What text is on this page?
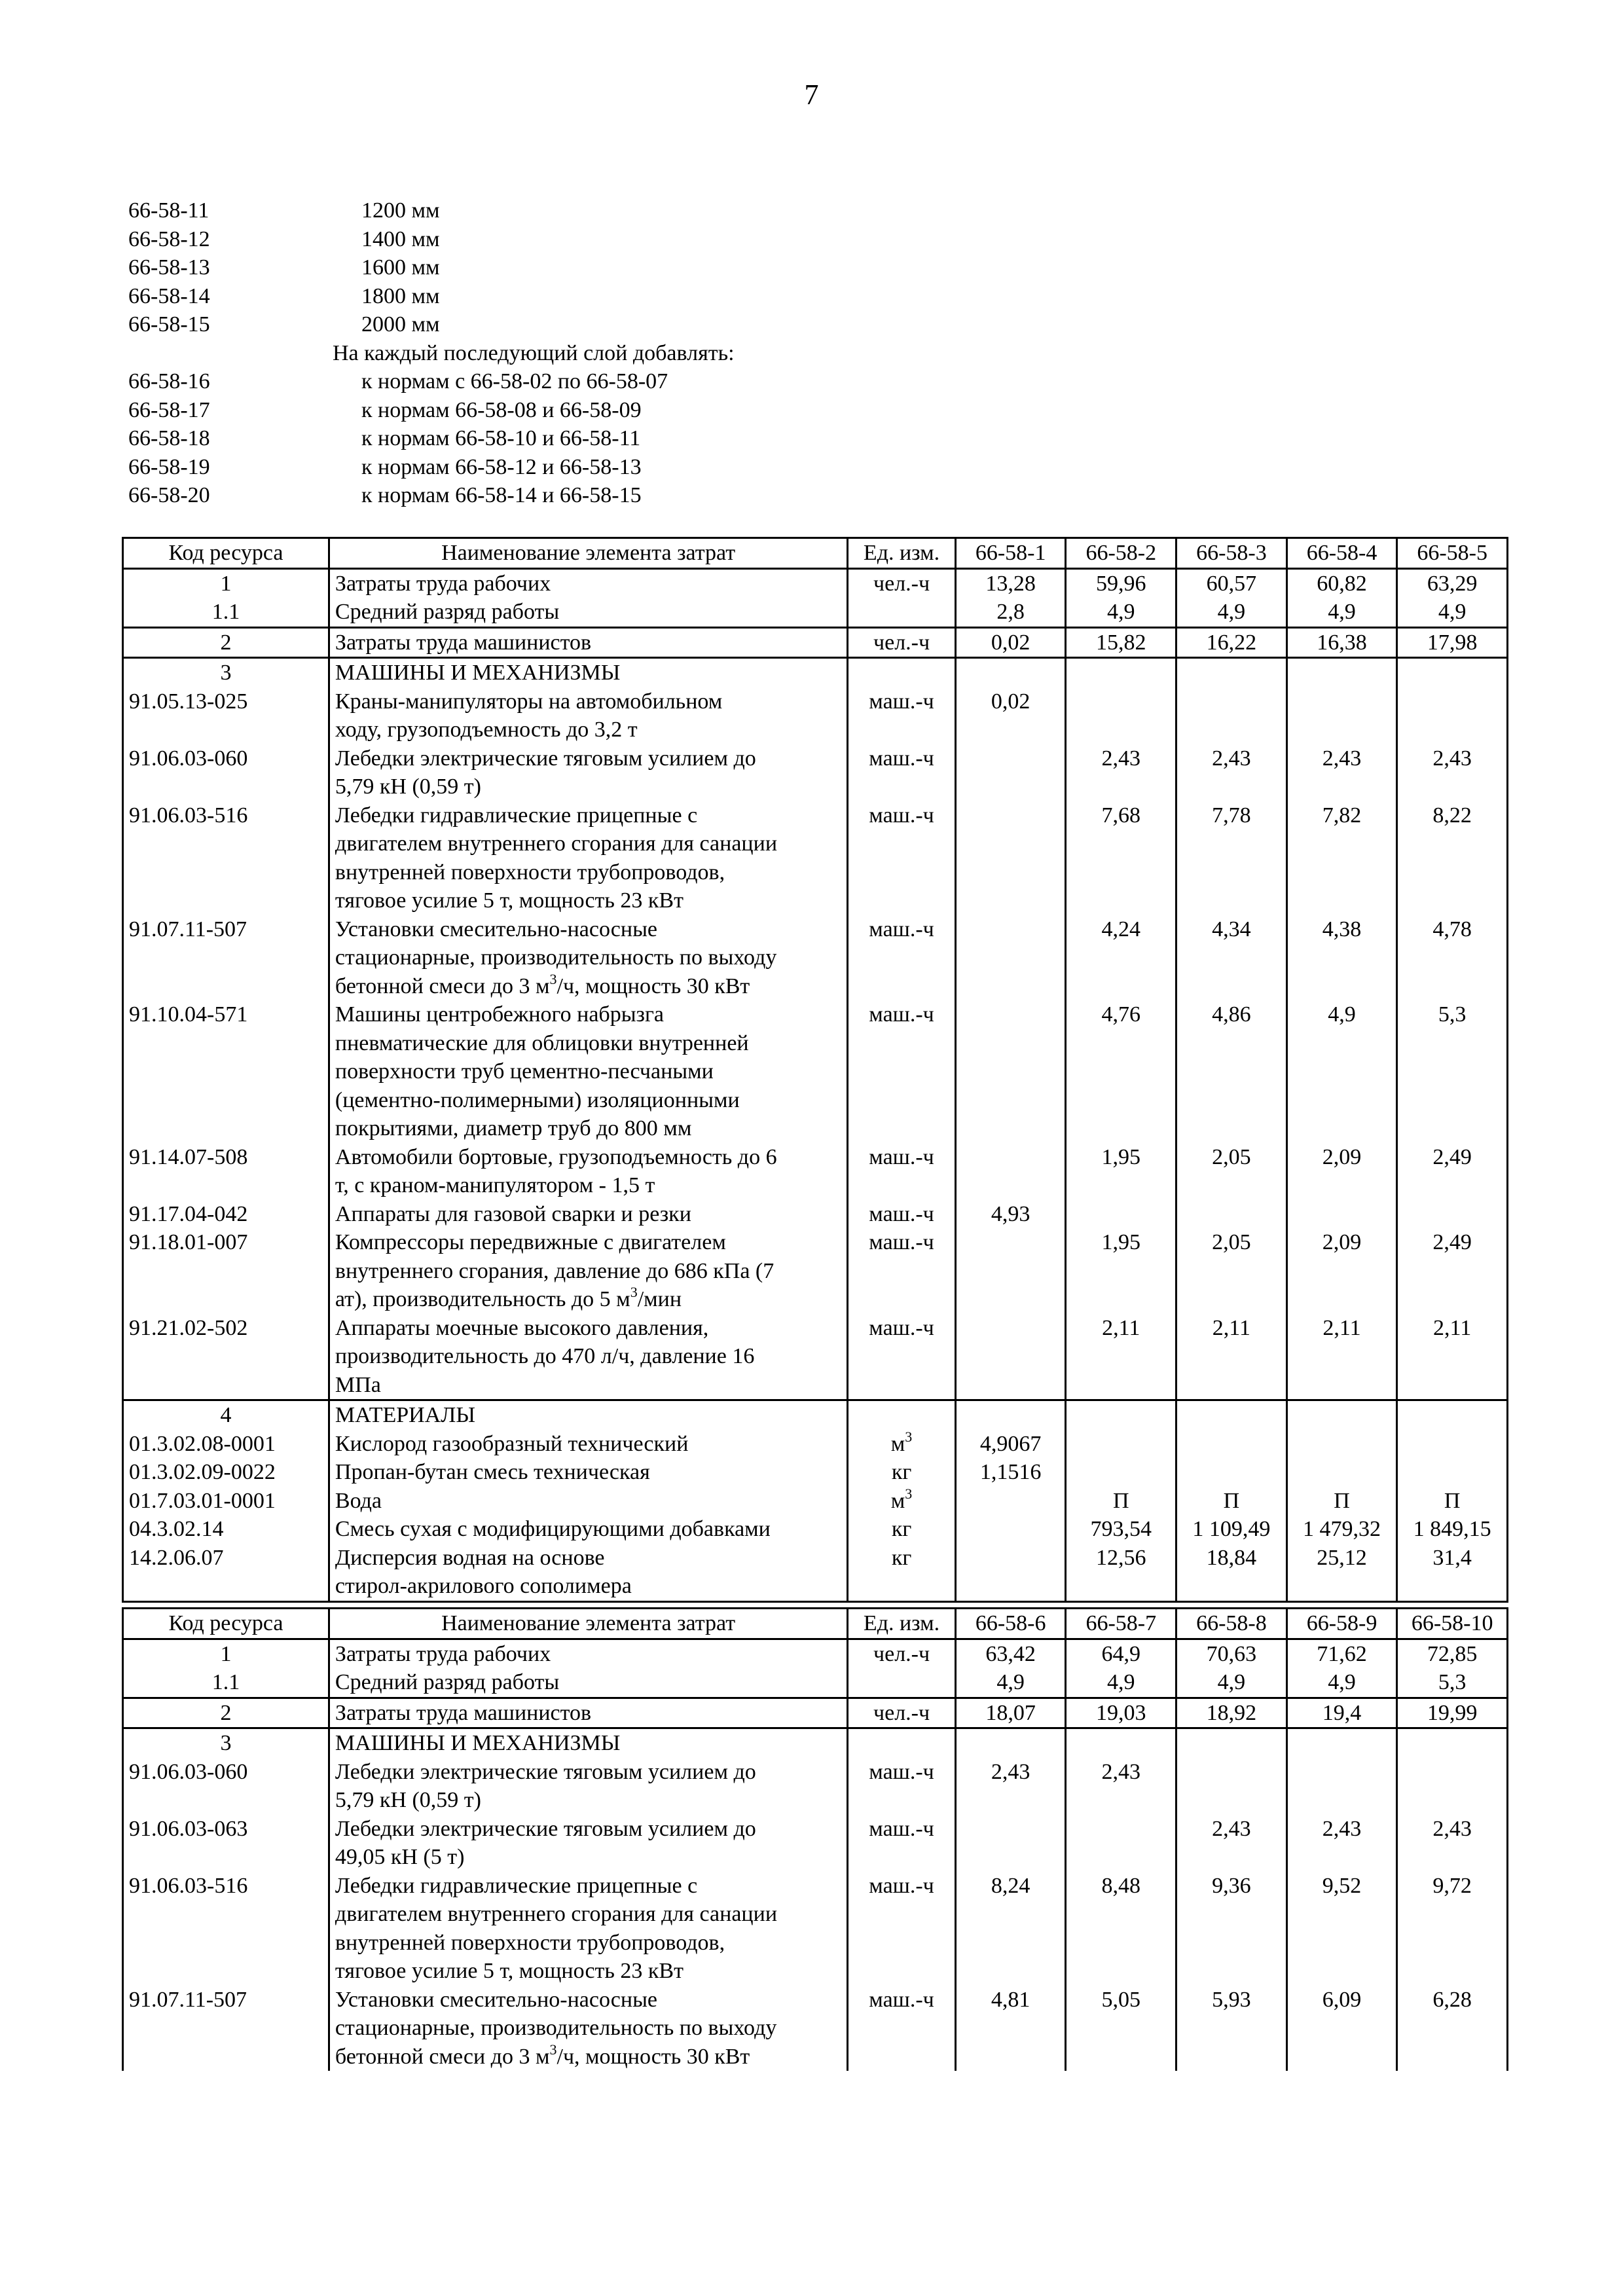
7
66-58-11	1200 мм
66-58-12	1400 мм
66-58-13	1600 мм
66-58-14	1800 мм
66-58-15	2000 мм
На каждый последующий слой добавлять:
66-58-16	к нормам с 66-58-02 по 66-58-07
66-58-17	к нормам 66-58-08 и 66-58-09
66-58-18	к нормам 66-58-10 и 66-58-11
66-58-19	к нормам 66-58-12 и 66-58-13
66-58-20	к нормам 66-58-14 и 66-58-15
Код ресурса	Наименование элемента затрат	Ед. изм.	66-58-1	66-58-2	66-58-3	66-58-4	66-58-5
1	Затраты труда рабочих	чел.-ч	13,28	59,96	60,57	60,82	63,29
1.1	Средний разряд работы		2,8	4,9	4,9	4,9	4,9
2	Затраты труда машинистов	чел.-ч	0,02	15,82	16,22	16,38	17,98
3	МАШИНЫ И МЕХАНИЗМЫ						
91.05.13-025	Краны-манипуляторы на автомобильном
ходу, грузоподъемность до 3,2 т	маш.-ч	0,02				
91.06.03-060	Лебедки электрические тяговым усилием до
5,79 кН (0,59 т)	маш.-ч		2,43	2,43	2,43	2,43
91.06.03-516	Лебедки гидравлические прицепные с
двигателем внутреннего сгорания для санации
внутренней поверхности трубопроводов,
тяговое усилие 5 т, мощность 23 кВт	маш.-ч		7,68	7,78	7,82	8,22
91.07.11-507	Установки смесительно-насосные
стационарные, производительность по выходу
бетонной смеси до 3 $м^3/ч$, мощность 30 кВт	маш.-ч		4,24	4,34	4,38	4,78
91.10.04-571	Машины центробежного набрызга
пневматические для облицовки внутренней
поверхности труб цементно-песчаными
(цементно-полимерными) изоляционными
покрытиями, диаметр труб до 800 мм	маш.-ч		4,76	4,86	4,9	5,3
91.14.07-508	Автомобили бортовые, грузоподъемность до 6
т, с краном-манипулятором - 1,5 т	маш.-ч		1,95	2,05	2,09	2,49
91.17.04-042	Аппараты для газовой сварки и резки	маш.-ч	4,93				
91.18.01-007	Компрессоры передвижные с двигателем
внутреннего сгорания, давление до 686 кПа (7
ат), производительность до 5 $м^3$/мин	маш.-ч		1,95	2,05	2,09	2,49
91.21.02-502	Аппараты моечные высокого давления,
производительность до 470 л/ч, давление 16
МПа	маш.-ч		2,11	2,11	2,11	2,11
4	МАТЕРИАЛЫ						
01.3.02.08-0001	Кислород газообразный технический	$м^3$	4,9067				
01.3.02.09-0022	Пропан-бутан смесь техническая	кг	1,1516				
01.7.03.01-0001	Вода	$м^3$		П	П	П	П
04.3.02.14	Смесь сухая с модифицирующими добавками	кг		793,54	1 109,49	1 479,32	1 849,15
14.2.06.07	Дисперсия водная на основе
стирол-акрилового сополимера	кг		12,56	18,84	25,12	31,4
Код ресурса	Наименование элемента затрат	Ед. изм.	66-58-6	66-58-7	66-58-8	66-58-9	66-58-10
1	Затраты труда рабочих	чел.-ч	63,42	64,9	70,63	71,62	72,85
1.1	Средний разряд работы		4,9	4,9	4,9	4,9	5,3
2	Затраты труда машинистов	чел.-ч	18,07	19,03	18,92	19,4	19,99
3	МАШИНЫ И МЕХАНИЗМЫ						
91.06.03-060	Лебедки электрические тяговым усилием до
5,79 кН (0,59 т)	маш.-ч	2,43	2,43			
91.06.03-063	Лебедки электрические тяговым усилием до
49,05 кН (5 т)	маш.-ч			2,43	2,43	2,43
91.06.03-516	Лебедки гидравлические прицепные с
двигателем внутреннего сгорания для санации
внутренней поверхности трубопроводов,
тяговое усилие 5 т, мощность 23 кВт	маш.-ч	8,24	8,48	9,36	9,52	9,72
91.07.11-507	Установки смесительно-насосные
стационарные, производительность по выходу
бетонной смеси до 3 $м^3/ч$, мощность 30 кВт	маш.-ч	4,81	5,05	5,93	6,09	6,28
